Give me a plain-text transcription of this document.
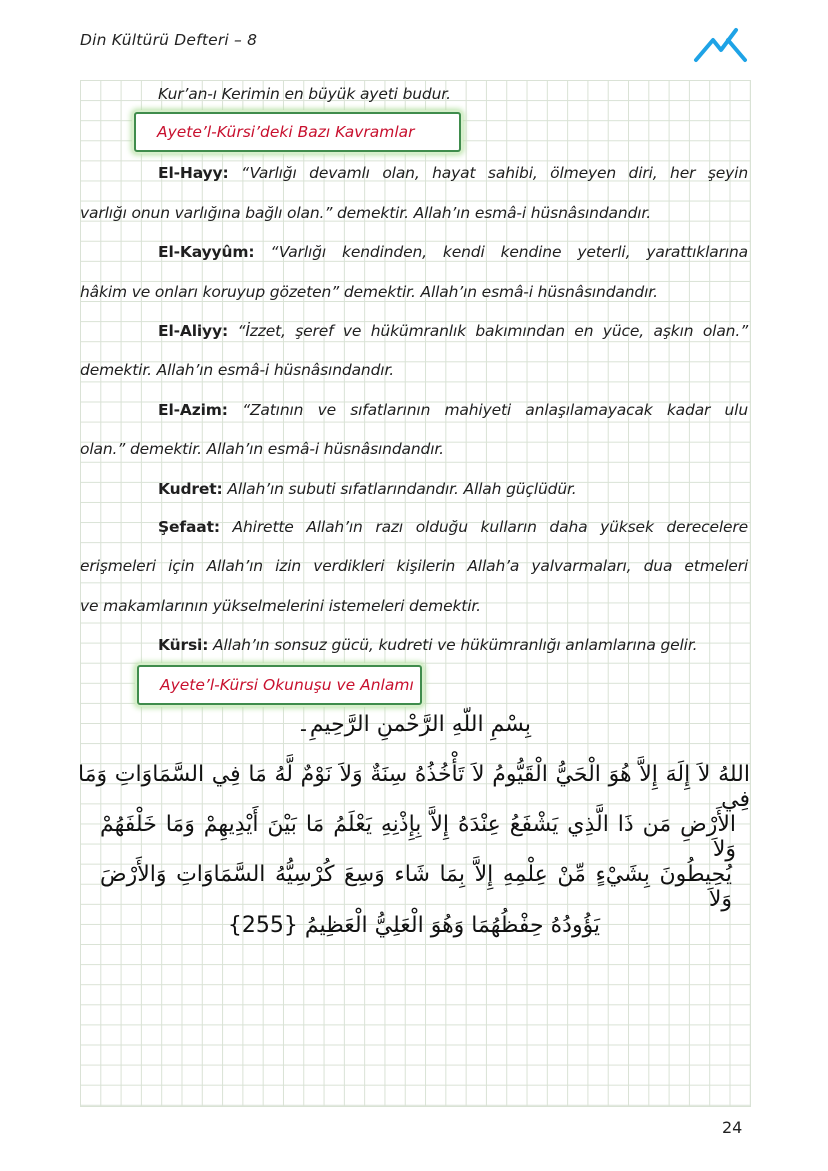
Din Kültürü Defteri – 8
Kur’an-ı Kerimin en büyük ayeti budur.
Ayete’l-Kürsi’deki Bazı Kavramlar
El-Hayy: “Varlığı devamlı olan, hayat sahibi, ölmeyen diri, her şeyin
varlığı onun varlığına bağlı olan.” demektir. Allah’ın esmâ-i hüsnâsındandır.
El-Kayyûm: “Varlığı kendinden, kendi kendine yeterli, yarattıklarına
hâkim ve onları koruyup gözeten” demektir. Allah’ın esmâ-i hüsnâsındandır.
El-Aliyy: “İzzet, şeref ve hükümranlık bakımından en yüce, aşkın olan.”
demektir. Allah’ın esmâ-i hüsnâsındandır.
El-Azim: “Zatının ve sıfatlarının mahiyeti anlaşılamayacak kadar ulu
olan.” demektir. Allah’ın esmâ-i hüsnâsındandır.
Kudret: Allah’ın subuti sıfatlarındandır. Allah güçlüdür.
Şefaat: Ahirette Allah’ın razı olduğu kulların daha yüksek derecelere
erişmeleri için Allah’ın izin verdikleri kişilerin Allah’a yalvarmaları, dua etmeleri
ve makamlarının yükselmelerini istemeleri demektir.
Kürsi: Allah’ın sonsuz gücü, kudreti ve hükümranlığı anlamlarına gelir.
Ayete’l-Kürsi Okunuşu ve Anlamı
بِسْمِ اللّهِ الرَّحْمنِ الرَّحِيمِ۔
اللهُ لاَ إِلَهَ إِلاَّ هُوَ الْحَيُّ الْقَيُّومُ لاَ تَأْخُذُهُ سِنَةٌ وَلاَ نَوْمٌ لَّهُ مَا فِي السَّمَاوَاتِ وَمَا فِي
الأَرْضِ مَن ذَا الَّذِي يَشْفَعُ عِنْدَهُ إِلاَّ بِإِذْنِهِ يَعْلَمُ مَا بَيْنَ أَيْدِيهِمْ وَمَا خَلْفَهُمْ وَلاَ
يُحِيطُونَ بِشَيْءٍ مِّنْ عِلْمِهِ إِلاَّ بِمَا شَاء وَسِعَ كُرْسِيُّهُ السَّمَاوَاتِ وَالأَرْضَ وَلاَ
يَؤُودُهُ حِفْظُهُمَا وَهُوَ الْعَلِيُّ الْعَظِيمُ {255}
24
